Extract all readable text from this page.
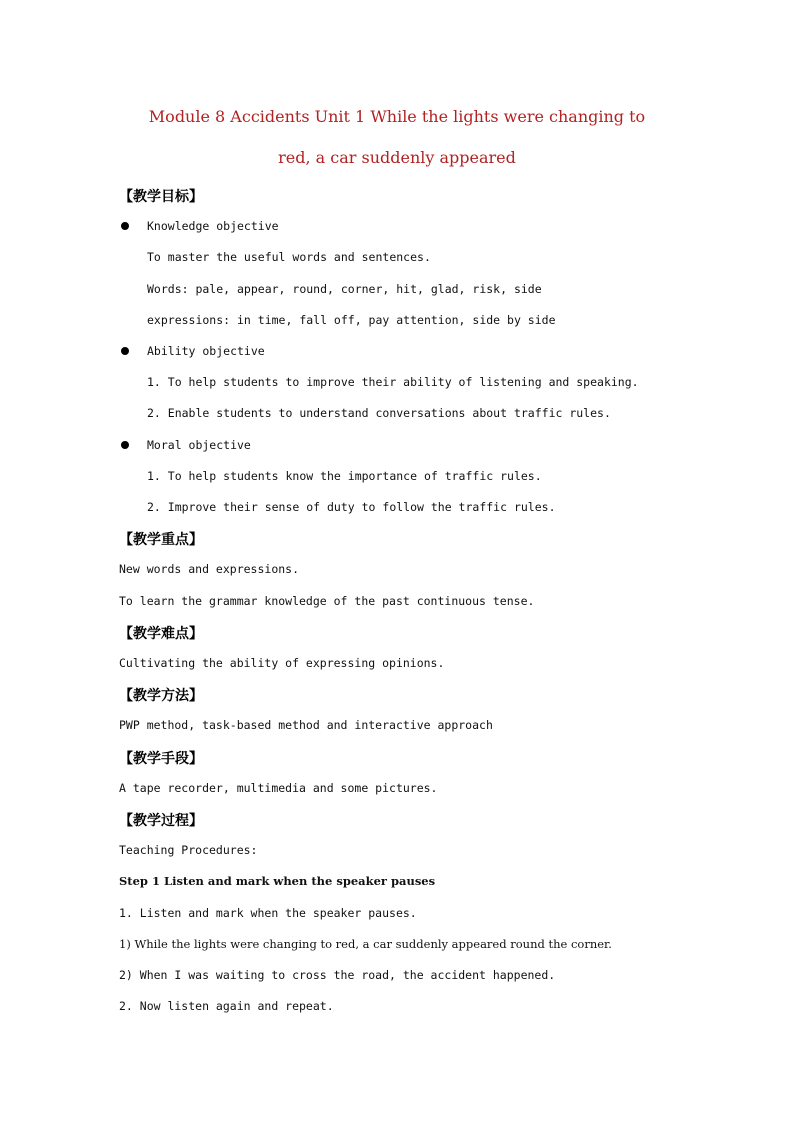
Module 8 Accidents Unit 1 While the lights were changing to
red, a car suddenly appeared
【教学目标】
Knowledge objective
To master the useful words and sentences.
Words: pale, appear, round, corner, hit, glad, risk, side
expressions: in time, fall off, pay attention, side by side
Ability objective
1. To help students to improve their ability of listening and speaking.
2. Enable students to understand conversations about traffic rules.
Moral objective
1. To help students know the importance of traffic rules.
2. Improve their sense of duty to follow the traffic rules.
【教学重点】
New words and expressions.
To learn the grammar knowledge of the past continuous tense.
【教学难点】
Cultivating the ability of expressing opinions.
【教学方法】
PWP method, task-based method and interactive approach
【教学手段】
A tape recorder, multimedia and some pictures.
【教学过程】
Teaching Procedures:
Step 1 Listen and mark when the speaker pauses
1. Listen and mark when the speaker pauses.
1) While the lights were changing to red, a car suddenly appeared round the corner.
2) When I was waiting to cross the road, the accident happened.
2. Now listen again and repeat.
